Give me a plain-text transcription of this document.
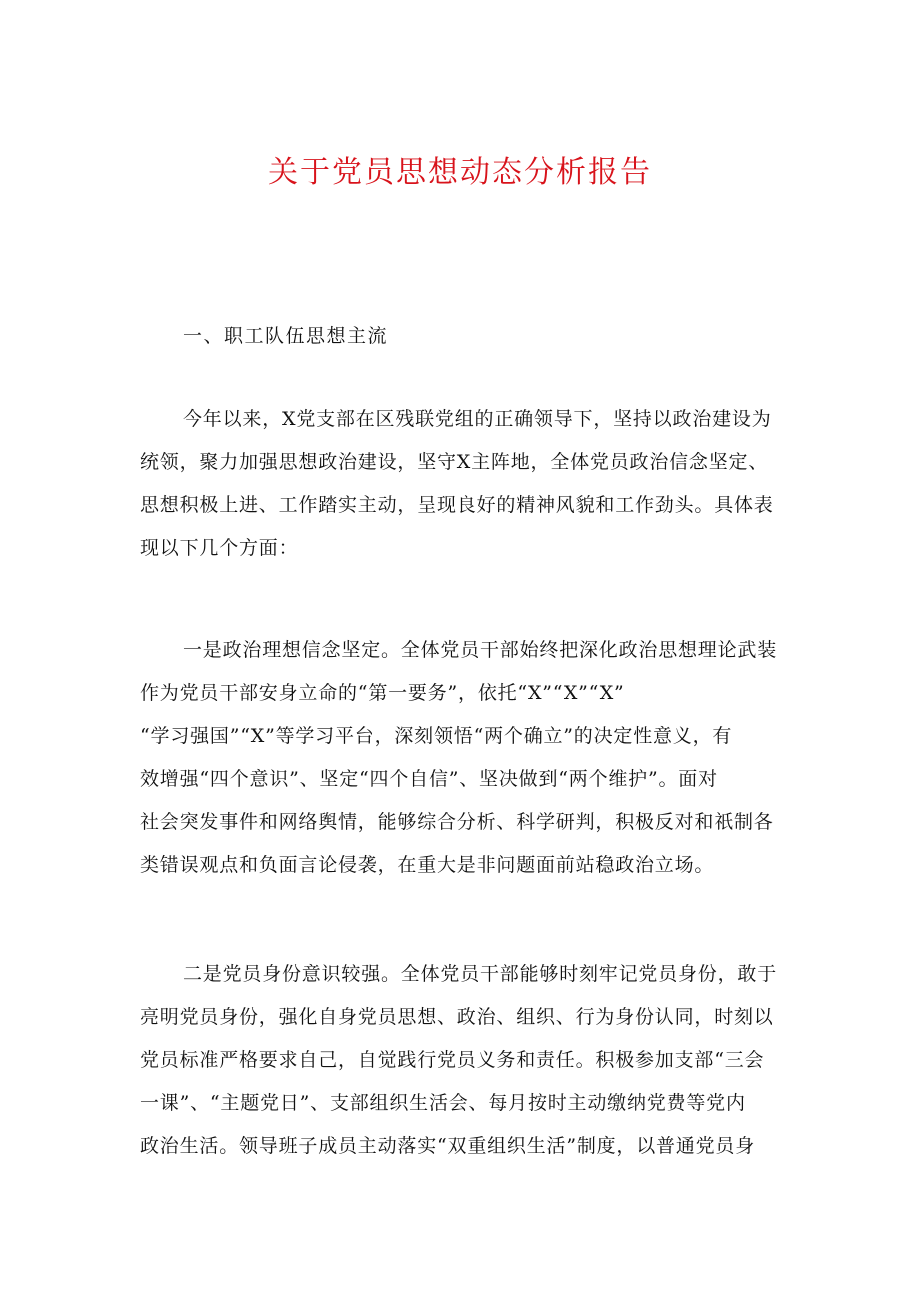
关于党员思想动态分析报告

一、职工队伍思想主流

今年以来，X党支部在区残联党组的正确领导下，坚持以政治建设为
统领，聚力加强思想政治建设，坚守X主阵地，全体党员政治信念坚定、
思想积极上进、工作踏实主动，呈现良好的精神风貌和工作劲头。具体表
现以下几个方面：
一是政治理想信念坚定。全体党员干部始终把深化政治思想理论武装
作为党员干部安身立命的“第一要务”，依托“X”“X”“X”
“学习强国”“X”等学习平台，深刻领悟“两个确立”的决定性意义，有
效增强“四个意识”、坚定“四个自信”、坚决做到“两个维护”。面对
社会突发事件和网络舆情，能够综合分析、科学研判，积极反对和祇制各
类错误观点和负面言论侵袭，在重大是非问题面前站稳政治立场。
二是党员身份意识较强。全体党员干部能够时刻牢记党员身份，敢于
亮明党员身份，强化自身党员思想、政治、组织、行为身份认同，时刻以
党员标准严格要求自己，自觉践行党员义务和责任。积极参加支部“三会
一课”、“主题党日”、支部组织生活会、每月按时主动缴纳党费等党内
政治生活。领导班子成员主动落实“双重组织生活”制度，以普通党员身
